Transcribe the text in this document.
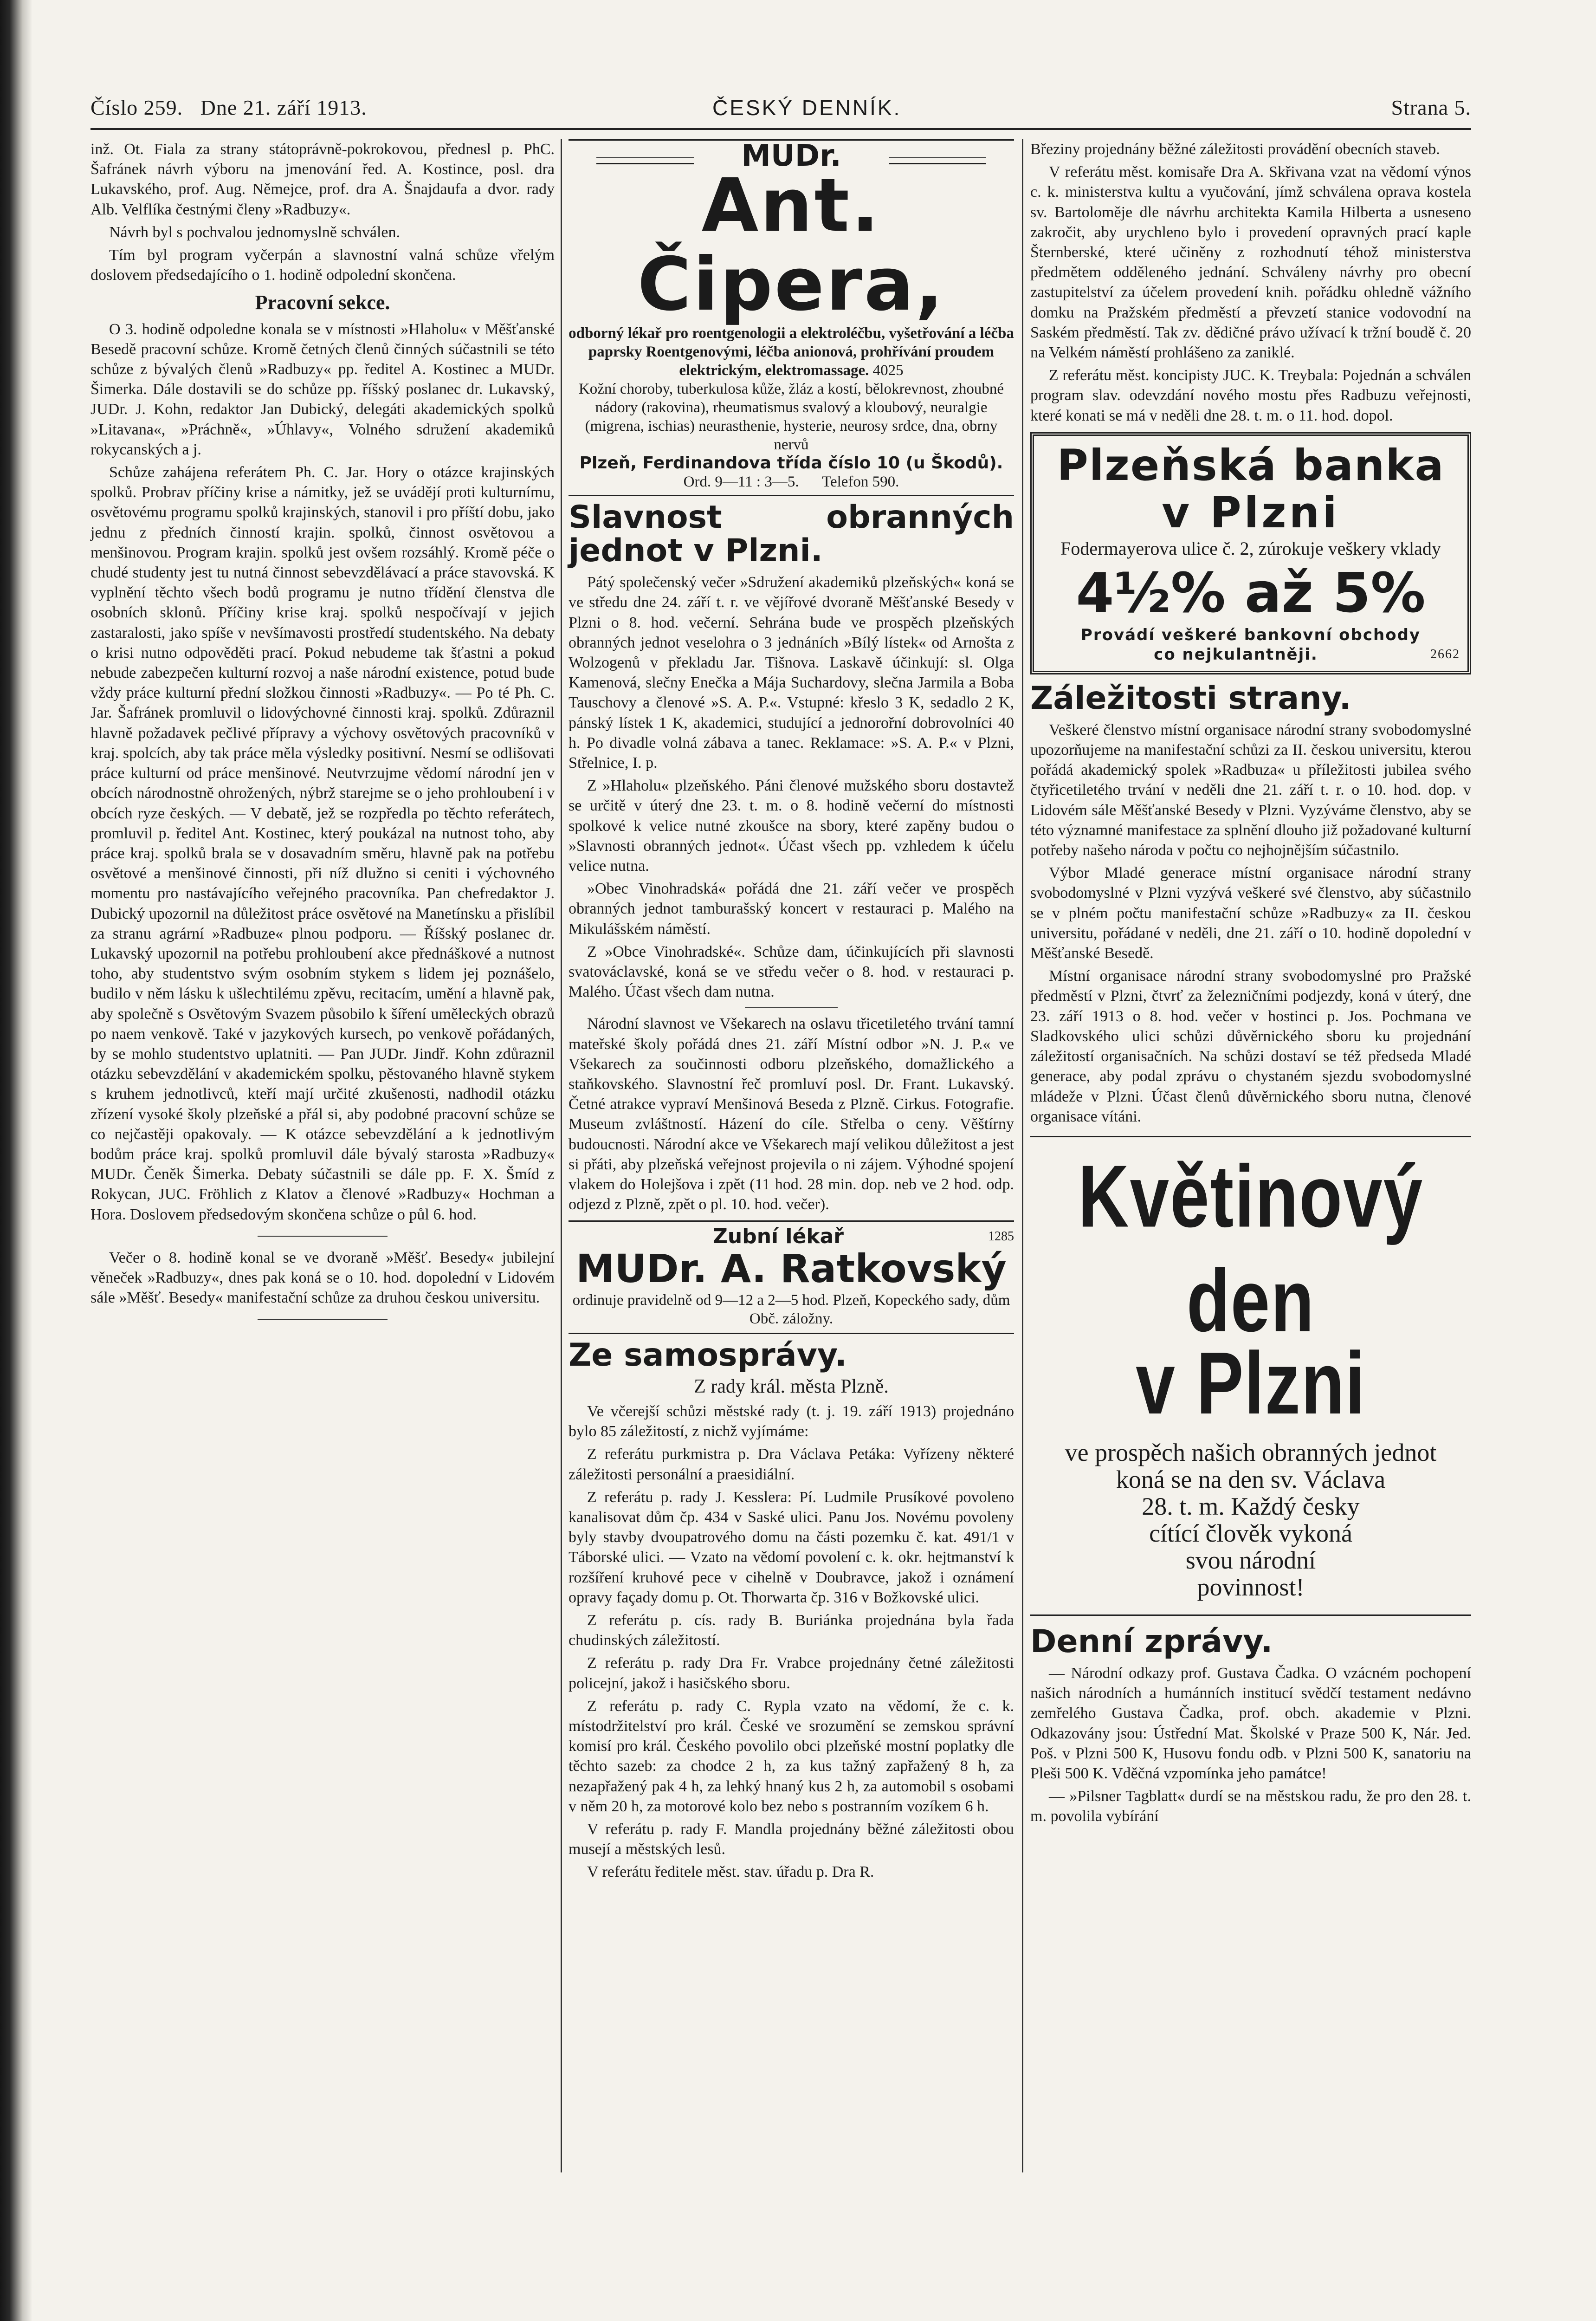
Číslo 259. Dne 21. září 1913.	ČESKÝ DENNÍK.	Strana 5.

inž. Ot. Fiala za strany státoprávně-pokrokovou, přednesl p. PhC. Šafránek návrh výboru na jmenování řed. A. Kostince, posl. dra Lukavského, prof. Aug. Němejce, prof. dra A. Šnajdaufa a dvor. rady Alb. Velflíka čestnými členy »Radbuzy«.

Návrh byl s pochvalou jednomyslně schválen.

Tím byl program vyčerpán a slavnostní valná schůze vřelým doslovem předsedajícího o 1. hodině odpolední skončena.

Pracovní sekce.

O 3. hodině odpoledne konala se v místnosti »Hlaholu« v Měšťanské Besedě pracovní schůze. Kromě četných členů činných súčastnili se této schůze z bývalých členů »Radbuzy« pp. ředitel A. Kostinec a MUDr. Šimerka. Dále dostavili se do schůze pp. říšský poslanec dr. Lukavský, JUDr. J. Kohn, redaktor Jan Dubický, delegáti akademických spolků »Litavana«, »Práchně«, »Úhlavy«, Volného sdružení akademiků rokycanských a j.

Schůze zahájena referátem Ph. C. Jar. Hory o otázce krajinských spolků. Probrav příčiny krise a námitky, jež se uvádějí proti kulturnímu, osvětovému programu spolků krajinských, stanovil i pro příští dobu, jako jednu z předních činností krajin. spolků, činnost osvětovou a menšinovou. Program krajin. spolků jest ovšem rozsáhlý. Kromě péče o chudé studenty jest tu nutná činnost sebevzdělávací a práce stavovská. K vyplnění těchto všech bodů programu je nutno třídění členstva dle osobních sklonů. Příčiny krise kraj. spolků nespočívají v jejich zastaralosti, jako spíše v nevšímavosti prostředí studentského. Na debaty o krisi nutno odpověděti prací. Pokud nebudeme tak šťastni a pokud nebude zabezpečen kulturní rozvoj a naše národní existence, potud bude vždy práce kulturní přední složkou činnosti »Radbuzy«. — Po té Ph. C. Jar. Šafránek promluvil o lidovýchovné činnosti kraj. spolků. Zdůraznil hlavně požadavek pečlivé přípravy a výchovy osvětových pracovníků v kraj. spolcích, aby tak práce měla výsledky positivní. Nesmí se odlišovati práce kulturní od práce menšinové. Neutvrzujme vědomí národní jen v obcích národnostně ohrožených, nýbrž starejme se o jeho prohloubení i v obcích ryze českých. — V debatě, jež se rozpředla po těchto referátech, promluvil p. ředitel Ant. Kostinec, který poukázal na nutnost toho, aby práce kraj. spolků brala se v dosavadním směru, hlavně pak na potřebu osvětové a menšinové činnosti, při níž dlužno si ceniti i výchovného momentu pro nastávajícího veřejného pracovníka. Pan chefredaktor J. Dubický upozornil na důležitost práce osvětové na Manetínsku a přislíbil za stranu agrární »Radbuze« plnou podporu. — Říšský poslanec dr. Lukavský upozornil na potřebu prohloubení akce přednáškové a nutnost toho, aby studentstvo svým osobním stykem s lidem jej poznášelo, budilo v něm lásku k ušlechtilému zpěvu, recitacím, umění a hlavně pak, aby společně s Osvětovým Svazem působilo k šíření uměleckých obrazů po naem venkově. Také v jazykových kursech, po venkově pořádaných, by se mohlo studentstvo uplatniti. — Pan JUDr. Jindř. Kohn zdůraznil otázku sebevzdělání v akademickém spolku, pěstovaného hlavně stykem s kruhem jednotlivců, kteří mají určité zkušenosti, nadhodil otázku zřízení vysoké školy plzeňské a přál si, aby podobné pracovní schůze se co nejčastěji opakovaly. — K otázce sebevzdělání a k jednotlivým bodům práce kraj. spolků promluvil dále bývalý starosta »Radbuzy« MUDr. Čeněk Šimerka. Debaty súčastnili se dále pp. F. X. Šmíd z Rokycan, JUC. Fröhlich z Klatov a členové »Radbuzy« Hochman a Hora. Doslovem předsedovým skončena schůze o půl 6. hod.

Večer o 8. hodině konal se ve dvoraně »Měšť. Besedy« jubilejní věneček »Radbuzy«, dnes pak koná se o 10. hod. dopolední v Lidovém sále »Měšť. Besedy« manifestační schůze za druhou českou universitu.

MUDr.
Ant. Čipera,
odborný lékař pro roentgenologii a elektroléčbu, vyšetřování a léčba paprsky Roentgenovými, léčba anionová, prohřívání proudem elektrickým, elektromassage. 4025
Kožní choroby, tuberkulosa kůže, žláz a kostí, bělokrevnost, zhoubné nádory (rakovina), rheumatismus svalový a kloubový, neuralgie (migrena, ischias) neurasthenie, hysterie, neurosy srdce, dna, obrny nervů
Plzeň, Ferdinandova třída číslo 10 (u Škodů).
Ord. 9—11 : 3—5. Telefon 590.
Slavnost obranných jednot v Plzni.

Pátý společenský večer »Sdružení akademiků plzeňských« koná se ve středu dne 24. září t. r. ve vějířové dvoraně Měšťanské Besedy v Plzni o 8. hod. večerní. Sehrána bude ve prospěch plzeňských obranných jednot veselohra o 3 jednáních »Bílý lístek« od Arnošta z Wolzogenů v překladu Jar. Tišnova. Laskavě účinkují: sl. Olga Kamenová, slečny Enečka a Mája Suchardovy, slečna Jarmila a Boba Tauschovy a členové »S. A. P.«. Vstupné: křeslo 3 K, sedadlo 2 K, pánský lístek 1 K, akademici, studující a jednorořní dobrovolníci 40 h. Po divadle volná zábava a tanec. Reklamace: »S. A. P.« v Plzni, Střelnice, I. p.

Z »Hlaholu« plzeňského. Páni členové mužského sboru dostavtež se určitě v úterý dne 23. t. m. o 8. hodině večerní do místnosti spolkové k velice nutné zkoušce na sbory, které zapěny budou o »Slavnosti obranných jednot«. Účast všech pp. vzhledem k účelu velice nutna.

»Obec Vinohradská« pořádá dne 21. září večer ve prospěch obranných jednot tamburašský koncert v restauraci p. Malého na Mikulášském náměstí.

Z »Obce Vinohradské«. Schůze dam, účinkujících při slavnosti svatováclavské, koná se ve středu večer o 8. hod. v restauraci p. Malého. Účast všech dam nutna.

Národní slavnost ve Všekarech na oslavu třicetiletého trvání tamní mateřské školy pořádá dnes 21. září Místní odbor »N. J. P.« ve Všekarech za součinnosti odboru plzeňského, domažlického a staňkovského. Slavnostní řeč promluví posl. Dr. Frant. Lukavský. Četné atrakce vypraví Menšinová Beseda z Plzně. Cirkus. Fotografie. Museum zvláštností. Házení do cíle. Střelba o ceny. Věštírny budoucnosti. Národní akce ve Všekarech mají velikou důležitost a jest si přáti, aby plzeňská veřejnost projevila o ni zájem. Výhodné spojení vlakem do Holejšova i zpět (11 hod. 28 min. dop. neb ve 2 hod. odp. odjezd z Plzně, zpět o pl. 10. hod. večer).

Zubní lékař	1285
MUDr. A. Ratkovský
ordinuje pravidelně od 9—12 a 2—5 hod. Plzeň, Kopeckého sady, dům Obč. záložny.
Ze samosprávy.
Z rady král. města Plzně.

Ve včerejší schůzi městské rady (t. j. 19. září 1913) projednáno bylo 85 záležitostí, z nichž vyjímáme:

Z referátu purkmistra p. Dra Václava Petáka: Vyřízeny některé záležitosti personální a praesidiální.

Z referátu p. rady J. Kesslera: Pí. Ludmile Prusíkové povoleno kanalisovat dům čp. 434 v Saské ulici. Panu Jos. Novému povoleny byly stavby dvoupatrového domu na části pozemku č. kat. 491/1 v Táborské ulici. — Vzato na vědomí povolení c. k. okr. hejtmanství k rozšíření kruhové pece v cihelně v Doubravce, jakož i oznámení opravy façady domu p. Ot. Thorwarta čp. 316 v Božkovské ulici.

Z referátu p. cís. rady B. Buriánka projednána byla řada chudinských záležitostí.

Z referátu p. rady Dra Fr. Vrabce projednány četné záležitosti policejní, jakož i hasičského sboru.

Z referátu p. rady C. Rypla vzato na vědomí, že c. k. místodržitelství pro král. České ve srozumění se zemskou správní komisí pro král. Českého povolilo obci plzeňské mostní poplatky dle těchto sazeb: za chodce 2 h, za kus tažný zapřažený 8 h, za nezapřažený pak 4 h, za lehký hnaný kus 2 h, za automobil s osobami v něm 20 h, za motorové kolo bez nebo s postranním vozíkem 6 h.

V referátu p. rady F. Mandla projednány běžné záležitosti obou musejí a městských lesů.

V referátu ředitele měst. stav. úřadu p. Dra R.

Březiny projednány běžné záležitosti provádění obecních staveb.

V referátu měst. komisaře Dra A. Skřivana vzat na vědomí výnos c. k. ministerstva kultu a vyučování, jímž schválena oprava kostela sv. Bartoloměje dle návrhu architekta Kamila Hilberta a usneseno zakročit, aby urychleno bylo i provedení opravných prací kaple Šternberské, které učiněny z rozhodnutí téhož ministerstva předmětem odděleného jednání. Schváleny návrhy pro obecní zastupitelství za účelem provedení knih. pořádku ohledně vážního domku na Pražském předměstí a převzetí stanice vodovodní na Saském předměstí. Tak zv. dědičné právo užívací k tržní boudě č. 20 na Velkém náměstí prohlášeno za zaniklé.

Z referátu měst. koncipisty JUC. K. Treybala: Pojednán a schválen program slav. odevzdání nového mostu přes Radbuzu veřejnosti, které konati se má v neděli dne 28. t. m. o 11. hod. dopol.

Plzeňská banka
v Plzni
Fodermayerova ulice č. 2, zúrokuje veškery vklady
4½% až 5%
Provádí veškeré bankovní obchody
co nejkulantněji.	2662
Záležitosti strany.

Veškeré členstvo místní organisace národní strany svobodomyslné upozorňujeme na manifestační schůzi za II. českou universitu, kterou pořádá akademický spolek »Radbuza« u příležitosti jubilea svého čtyřicetiletého trvání v neděli dne 21. září t. r. o 10. hod. dop. v Lidovém sále Měšťanské Besedy v Plzni. Vyzýváme členstvo, aby se této významné manifestace za splnění dlouho již požadované kulturní potřeby našeho národa v počtu co nejhojnějším súčastnilo.

Výbor Mladé generace místní organisace národní strany svobodomyslné v Plzni vyzývá veškeré své členstvo, aby súčastnilo se v plném počtu manifestační schůze »Radbuzy« za II. českou universitu, pořádané v neděli, dne 21. září o 10. hodině dopolední v Měšťanské Besedě.

Místní organisace národní strany svobodomyslné pro Pražské předměstí v Plzni, čtvrť za železničními podjezdy, koná v úterý, dne 23. září 1913 o 8. hod. večer v hostinci p. Jos. Pochmana ve Sladkovského ulici schůzi důvěrnického sboru ku projednání záležitostí organisačních. Na schůzi dostaví se též předseda Mladé generace, aby podal zprávu o chystaném sjezdu svobodomyslné mládeže v Plzni. Účast členů důvěrnického sboru nutna, členové organisace vítáni.

Květinový den
v Plzni
ve prospěch našich obranných jednot
koná se na den sv. Václava
28. t. m. Každý česky
cítící člověk vykoná
svou národní
povinnost!
Denní zprávy.

— Národní odkazy prof. Gustava Čadka. O vzácném pochopení našich národních a humánních institucí svědčí testament nedávno zemřelého Gustava Čadka, prof. obch. akademie v Plzni. Odkazovány jsou: Ústřední Mat. Školské v Praze 500 K, Nár. Jed. Poš. v Plzni 500 K, Husovu fondu odb. v Plzni 500 K, sanatoriu na Pleši 500 K. Vděčná vzpomínka jeho památce!

— »Pilsner Tagblatt« durdí se na městskou radu, že pro den 28. t. m. povolila vybírání
